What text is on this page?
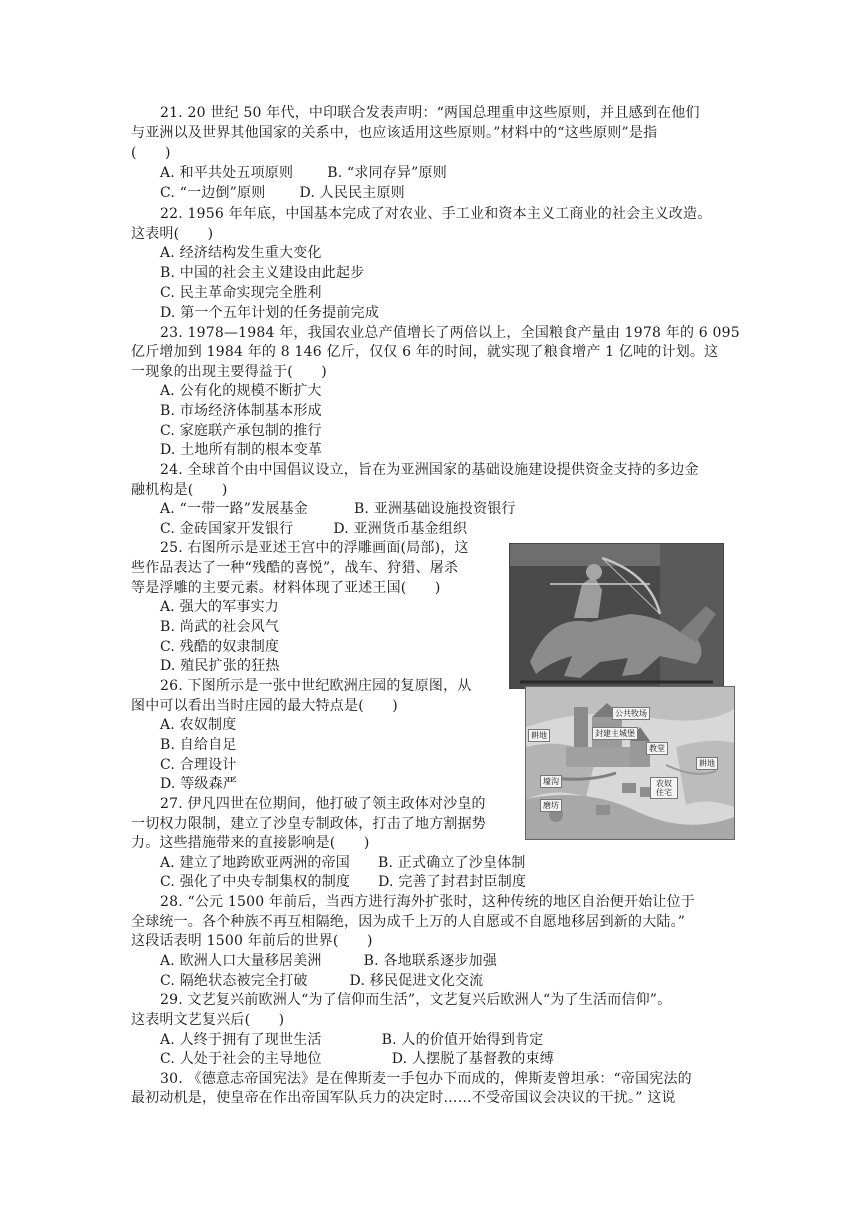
21. 20 世纪 50 年代，中印联合发表声明：“两国总理重申这些原则，并且感到在他们
与亚洲以及世界其他国家的关系中，也应该适用这些原则。”材料中的“这些原则”是指
(　　)
A. 和平共处五项原则 B. “求同存异”原则
C. “一边倒”原则 D. 人民民主原则
22. 1956 年年底，中国基本完成了对农业、手工业和资本主义工商业的社会主义改造。
这表明(　　)
A. 经济结构发生重大变化
B. 中国的社会主义建设由此起步
C. 民主革命实现完全胜利
D. 第一个五年计划的任务提前完成
23. 1978—1984 年，我国农业总产值增长了两倍以上，全国粮食产量由 1978 年的 6 095
亿斤增加到 1984 年的 8 146 亿斤，仅仅 6 年的时间，就实现了粮食增产 1 亿吨的计划。这
一现象的出现主要得益于(　　)
A. 公有化的规模不断扩大
B. 市场经济体制基本形成
C. 家庭联产承包制的推行
D. 土地所有制的根本变革
24. 全球首个由中国倡议设立，旨在为亚洲国家的基础设施建设提供资金支持的多边金
融机构是(　　)
A. “一带一路”发展基金	B. 亚洲基础设施投资银行
C. 金砖国家开发银行	D. 亚洲货币基金组织
25. 右图所示是亚述王宫中的浮雕画面(局部)，这
些作品表达了一种“残酷的喜悦”，战车、狩猎、屠杀
等是浮雕的主要元素。材料体现了亚述王国(　　)
A. 强大的军事实力
B. 尚武的社会风气
C. 残酷的奴隶制度
D. 殖民扩张的狂热
26. 下图所示是一张中世纪欧洲庄园的复原图，从
图中可以看出当时庄园的最大特点是(　　)
A. 农奴制度
B. 自给自足
C. 合理设计
D. 等级森严
公共牧场
耕地	封建主城堡
教堂
耕地
壕沟	农奴住宅
磨坊
27. 伊凡四世在位期间，他打破了领主政体对沙皇的
一切权力限制，建立了沙皇专制政体，打击了地方割据势
力。这些措施带来的直接影响是(　　)
A. 建立了地跨欧亚两洲的帝国 B. 正式确立了沙皇体制
C. 强化了中央专制集权的制度 D. 完善了封君封臣制度
28. “公元 1500 年前后，当西方进行海外扩张时，这种传统的地区自治便开始让位于
全球统一。各个种族不再互相隔绝，因为成千上万的人自愿或不自愿地移居到新的大陆。”
这段话表明 1500 年前后的世界(　　)
A. 欧洲人口大量移居美洲	B. 各地联系逐步加强
C. 隔绝状态被完全打破	D. 移民促进文化交流
29. 文艺复兴前欧洲人“为了信仰而生活”，文艺复兴后欧洲人“为了生活而信仰”。
这表明文艺复兴后(　　)
A. 人终于拥有了现世生活	B. 人的价值开始得到肯定
C. 人处于社会的主导地位	D. 人摆脱了基督教的束缚
30. 《德意志帝国宪法》是在俾斯麦一手包办下而成的，俾斯麦曾坦承：“帝国宪法的
最初动机是，使皇帝在作出帝国军队兵力的决定时……不受帝国议会决议的干扰。” 这说
